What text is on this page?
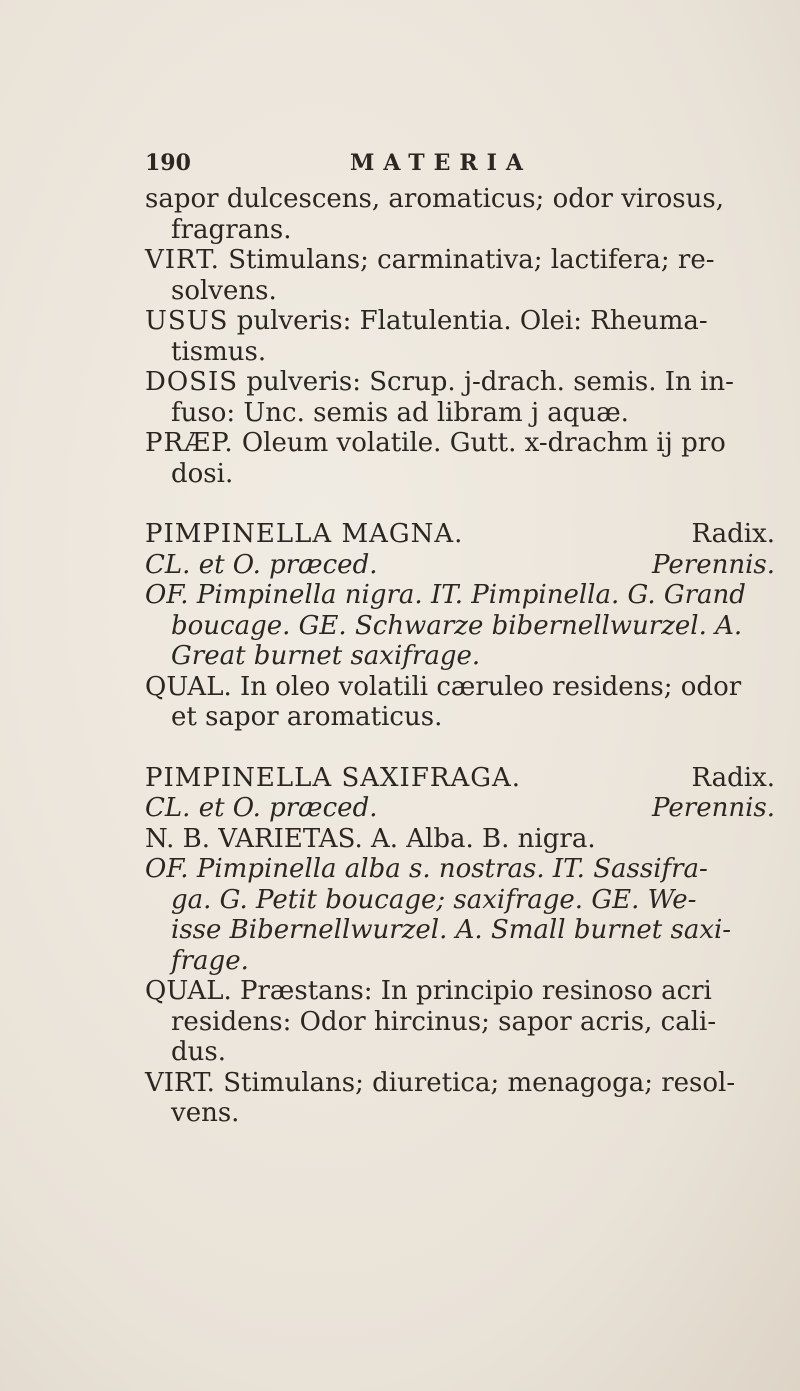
190	MATERIA
sapor dulcescens, aromaticus; odor virosus,
fragrans.
VIRT. Stimulans; carminativa; lactifera; re-
solvens.
USUS pulveris: Flatulentia. Olei: Rheuma-
tismus.
DOSIS pulveris: Scrup. j-drach. semis. In in-
fuso: Unc. semis ad libram j aquæ.
PRÆP. Oleum volatile. Gutt. x-drachm ij pro
dosi.
PIMPINELLA MAGNA.	Radix.
CL. et O. præced.	Perennis.
OF. Pimpinella nigra. IT. Pimpinella. G. Grand
boucage. GE. Schwarze bibernellwurzel. A.
Great burnet saxifrage.
QUAL. In oleo volatili cæruleo residens; odor
et sapor aromaticus.
PIMPINELLA SAXIFRAGA.	Radix.
CL. et O. præced.	Perennis.
N. B. VARIETAS. A. Alba. B. nigra.
OF. Pimpinella alba s. nostras. IT. Sassifra-
ga. G. Petit boucage; saxifrage. GE. We-
isse Bibernellwurzel. A. Small burnet saxi-
frage.
QUAL. Præstans: In principio resinoso acri
residens: Odor hircinus; sapor acris, cali-
dus.
VIRT. Stimulans; diuretica; menagoga; resol-
vens.
